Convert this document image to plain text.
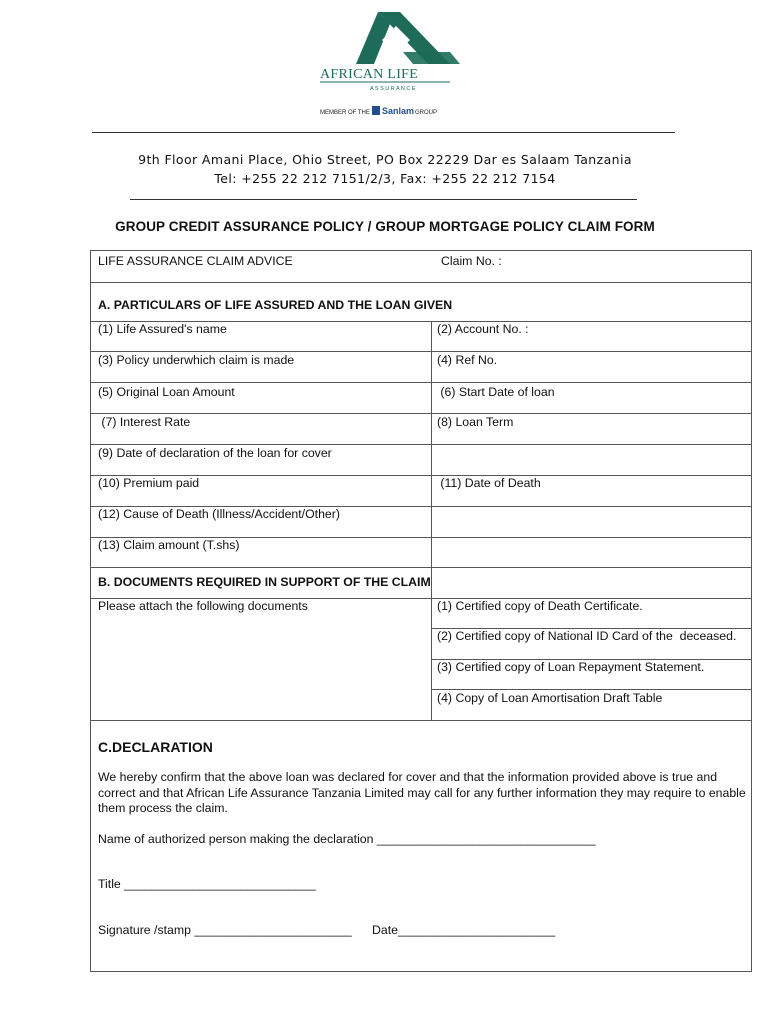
AFRICAN LIFE
A S S U R A N C E
MEMBER OF THE Sanlam GROUP
9th Floor Amani Place, Ohio Street, PO Box 22229 Dar es Salaam Tanzania
Tel: +255 22 212 7151/2/3, Fax: +255 22 212 7154
GROUP CREDIT ASSURANCE POLICY / GROUP MORTGAGE POLICY CLAIM FORM
LIFE ASSURANCE CLAIM ADVICE	Claim No. :
A. PARTICULARS OF LIFE ASSURED AND THE LOAN GIVEN
(1) Life Assured's name	(2) Account No. :
(3) Policy underwhich claim is made	(4) Ref No.
(5) Original Loan Amount	(6) Start Date of loan
(7) Interest Rate	(8) Loan Term
(9) Date of declaration of the loan for cover
(10) Premium paid	(11) Date of Death
(12) Cause of Death (Illness/Accident/Other)
(13) Claim amount (T.shs)
B. DOCUMENTS REQUIRED IN SUPPORT OF THE CLAIM
Please attach the following documents	(1) Certified copy of Death Certificate.
(2) Certified copy of National ID Card of the  deceased.
(3) Certified copy of Loan Repayment Statement.
(4) Copy of Loan Amortisation Draft Table
C.DECLARATION
We hereby confirm that the above loan was declared for cover and that the information provided above is true and correct and that African Life Assurance Tanzania Limited may call for any further information they may require to enable them process the claim.
Name of authorized person making the declaration ________________________________
Title ____________________________
Signature /stamp _______________________ Date_______________________
